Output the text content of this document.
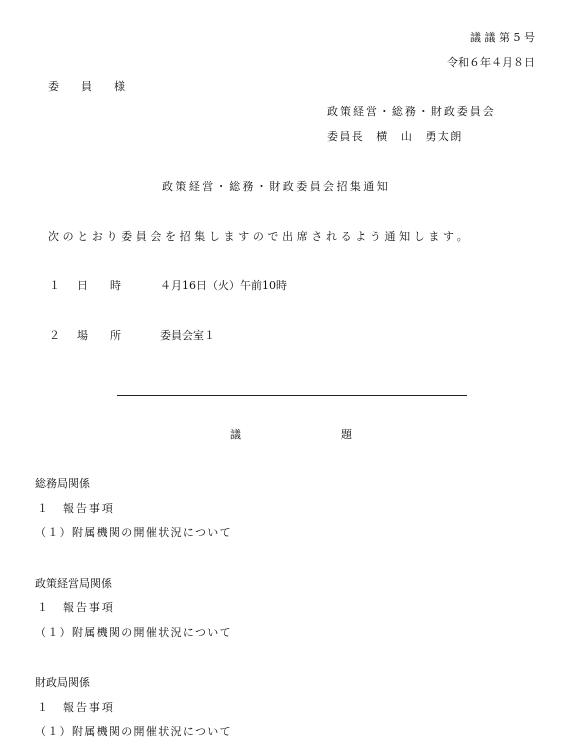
議 議 第 5 号
令和６年４月８日
委　　員　　様
政策経営・総務・財政委員会
委員長　横　山　勇太朗
政策経営・総務・財政委員会招集通知
次のとおり委員会を招集しますので出席されるよう通知します。
１ 日　　時	４月16日（火）午前10時
２ 場　　所	委員会室１
議	題
総務局関係
１　報告事項
（１）附属機関の開催状況について
政策経営局関係
１　報告事項
（１）附属機関の開催状況について
財政局関係
１　報告事項
（１）附属機関の開催状況について
